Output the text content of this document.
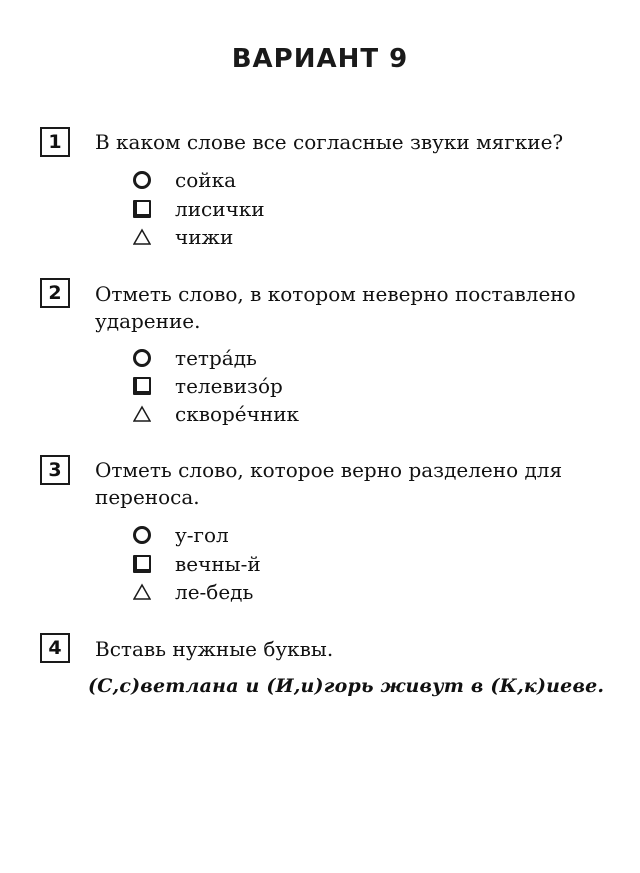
ВАРИАНТ 9
1	В каком слове все согласные звуки мягкие?
сойка
лисички
чижи
2	Отметь слово, в котором неверно поставлено ударение.
тетра́дь
телевизо́р
скворе́чник
3	Отметь слово, которое верно разделено для переноса.
у-гол
вечны-й
ле-бедь
4	Вставь нужные буквы.
(С,с)ветлана и (И,и)горь живут в (К,к)иеве.
